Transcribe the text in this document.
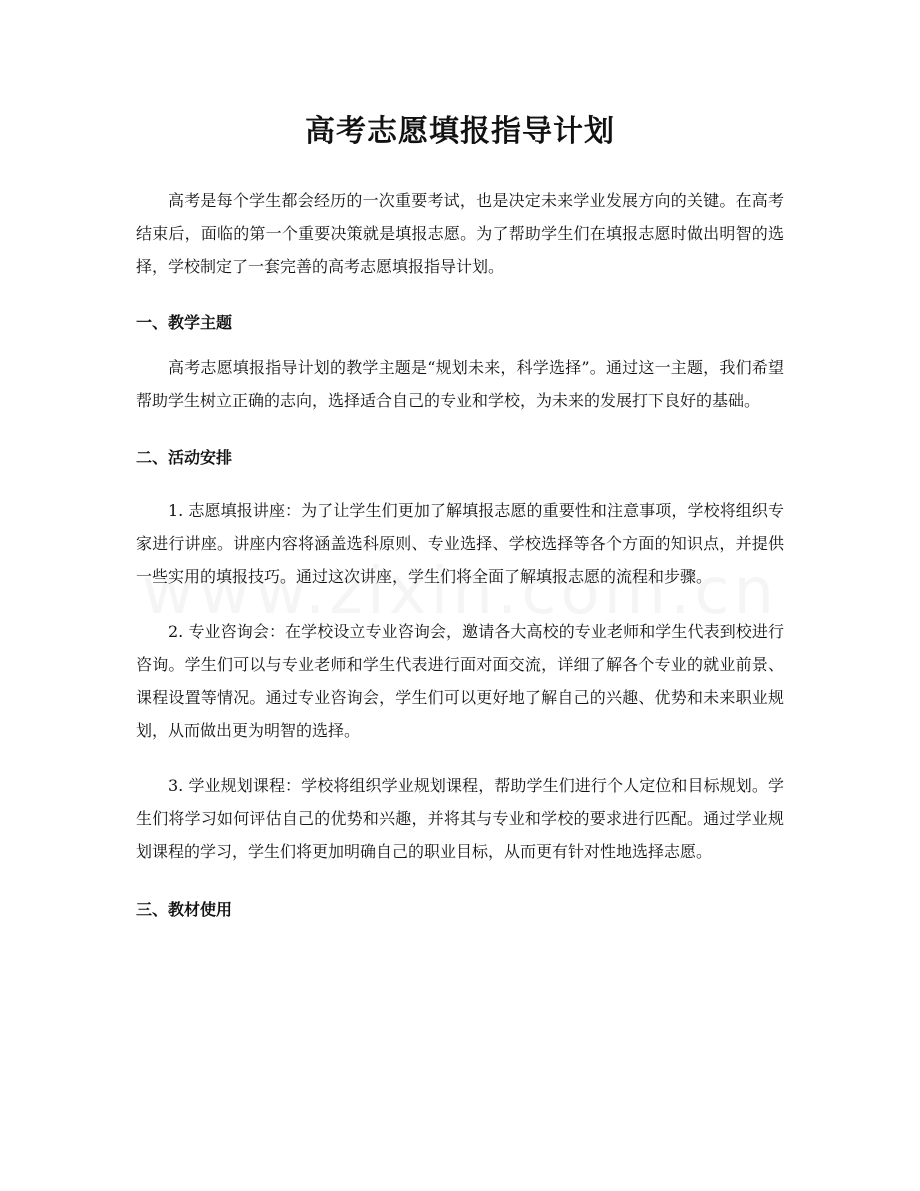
高考志愿填报指导计划

高考是每个学生都会经历的一次重要考试，也是决定未来学业发展方向的关键。在高考结束后，面临的第一个重要决策就是填报志愿。为了帮助学生们在填报志愿时做出明智的选择，学校制定了一套完善的高考志愿填报指导计划。

一、教学主题

高考志愿填报指导计划的教学主题是“规划未来，科学选择”。通过这一主题，我们希望帮助学生树立正确的志向，选择适合自己的专业和学校，为未来的发展打下良好的基础。

二、活动安排

1. 志愿填报讲座：为了让学生们更加了解填报志愿的重要性和注意事项，学校将组织专家进行讲座。讲座内容将涵盖选科原则、专业选择、学校选择等各个方面的知识点，并提供一些实用的填报技巧。通过这次讲座，学生们将全面了解填报志愿的流程和步骤。

2. 专业咨询会：在学校设立专业咨询会，邀请各大高校的专业老师和学生代表到校进行咨询。学生们可以与专业老师和学生代表进行面对面交流，详细了解各个专业的就业前景、课程设置等情况。通过专业咨询会，学生们可以更好地了解自己的兴趣、优势和未来职业规划，从而做出更为明智的选择。

3. 学业规划课程：学校将组织学业规划课程，帮助学生们进行个人定位和目标规划。学生们将学习如何评估自己的优势和兴趣，并将其与专业和学校的要求进行匹配。通过学业规划课程的学习，学生们将更加明确自己的职业目标，从而更有针对性地选择志愿。

三、教材使用
